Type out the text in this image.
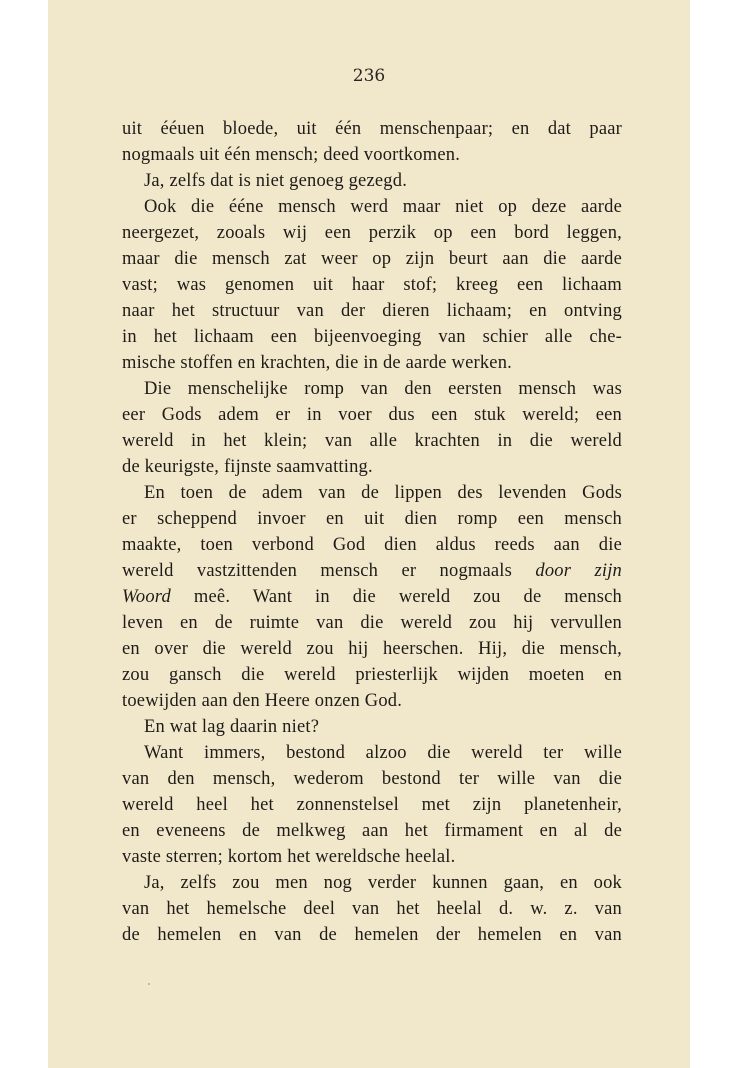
236
uit ééuen bloede, uit één menschenpaar; en dat paar
nogmaals uit één mensch; deed voortkomen.
Ja, zelfs dat is niet genoeg gezegd.
Ook die ééne mensch werd maar niet op deze aarde
neergezet, zooals wij een perzik op een bord leggen,
maar die mensch zat weer op zijn beurt aan die aarde
vast; was genomen uit haar stof; kreeg een lichaam
naar het structuur van der dieren lichaam; en ontving
in het lichaam een bijeenvoeging van schier alle che-
mische stoffen en krachten, die in de aarde werken.
Die menschelijke romp van den eersten mensch was
eer Gods adem er in voer dus een stuk wereld; een
wereld in het klein; van alle krachten in die wereld
de keurigste, fijnste saamvatting.
En toen de adem van de lippen des levenden Gods
er scheppend invoer en uit dien romp een mensch
maakte, toen verbond God dien aldus reeds aan die
wereld vastzittenden mensch er nogmaals door zijn
Woord meê. Want in die wereld zou de mensch
leven en de ruimte van die wereld zou hij vervullen
en over die wereld zou hij heerschen. Hij, die mensch,
zou gansch die wereld priesterlijk wijden moeten en
toewijden aan den Heere onzen God.
En wat lag daarin niet?
Want immers, bestond alzoo die wereld ter wille
van den mensch, wederom bestond ter wille van die
wereld heel het zonnenstelsel met zijn planetenheir,
en eveneens de melkweg aan het firmament en al de
vaste sterren; kortom het wereldsche heelal.
Ja, zelfs zou men nog verder kunnen gaan, en ook
van het hemelsche deel van het heelal d. w. z. van
de hemelen en van de hemelen der hemelen en van
